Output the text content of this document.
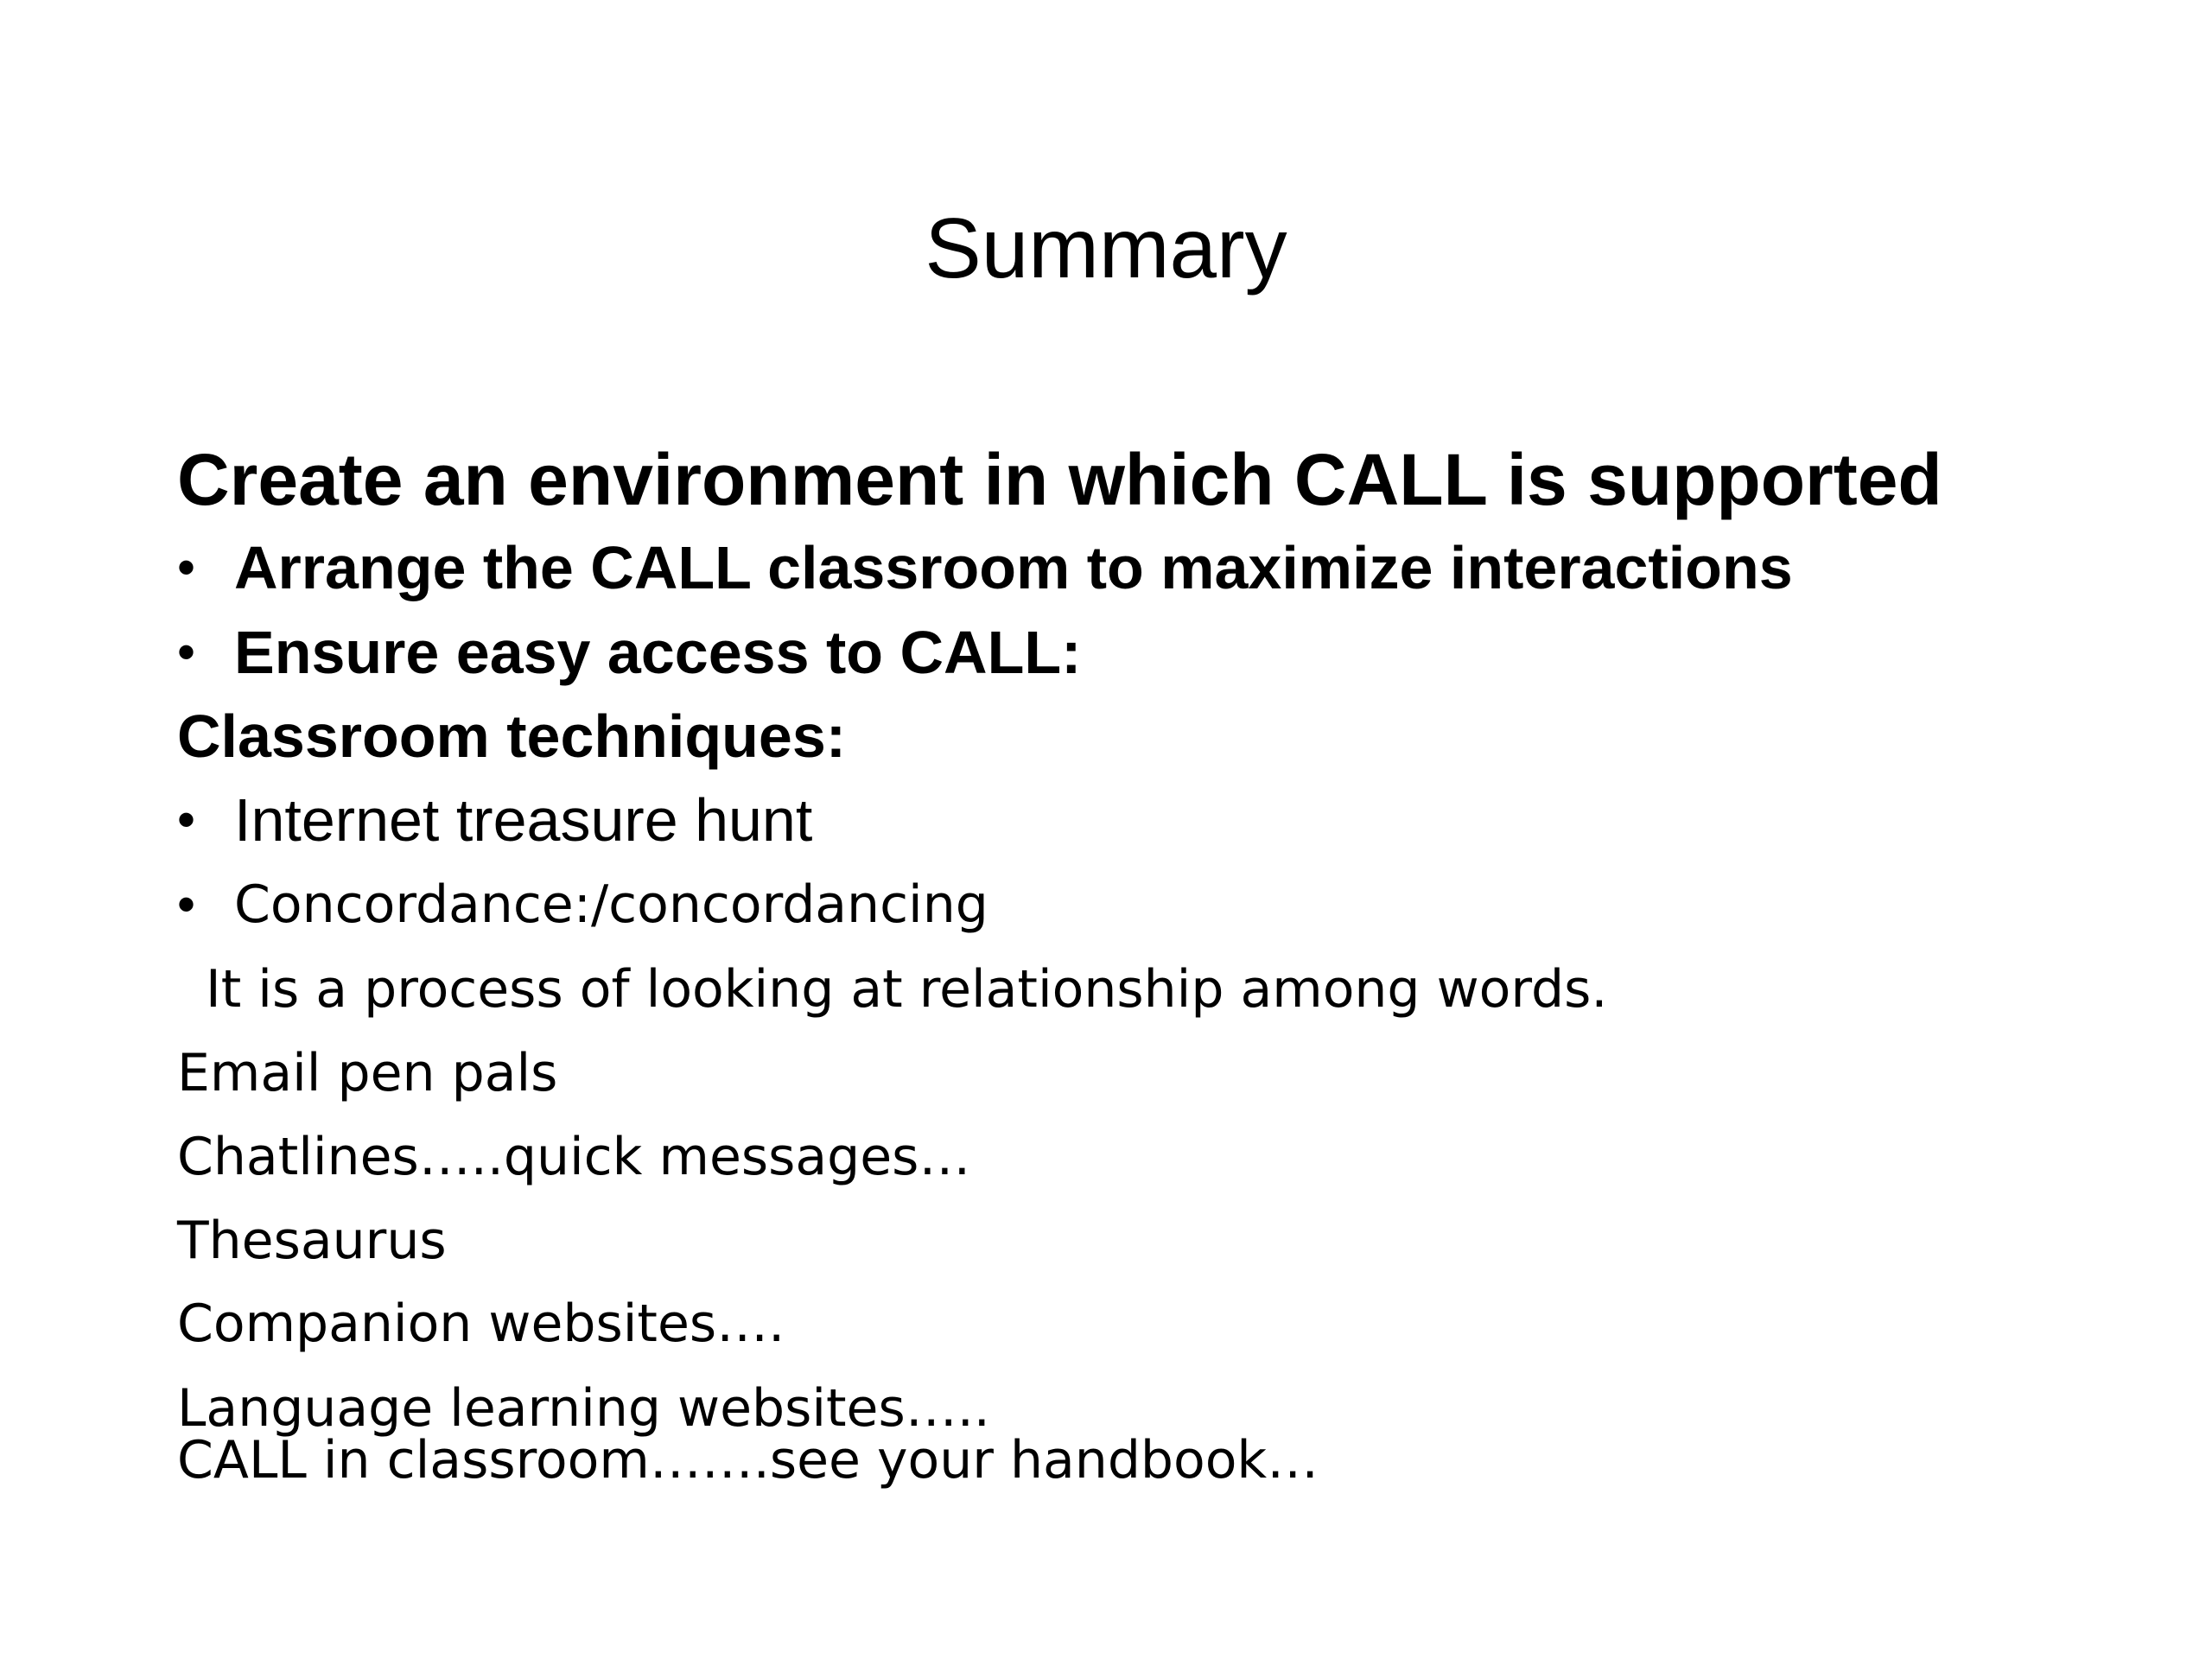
Summary
Create an environment in which CALL is supported
• Arrange the CALL classroom to maximize interactions
• Ensure easy access to CALL:
Classroom techniques:
• Internet treasure hunt
• Concordance:/concordancing
It is a process of looking at relationship among words.
Email pen pals
Chatlines…..quick messages…
Thesaurus
Companion websites….
Language learning websites…..
CALL in classroom…….see your handbook…
